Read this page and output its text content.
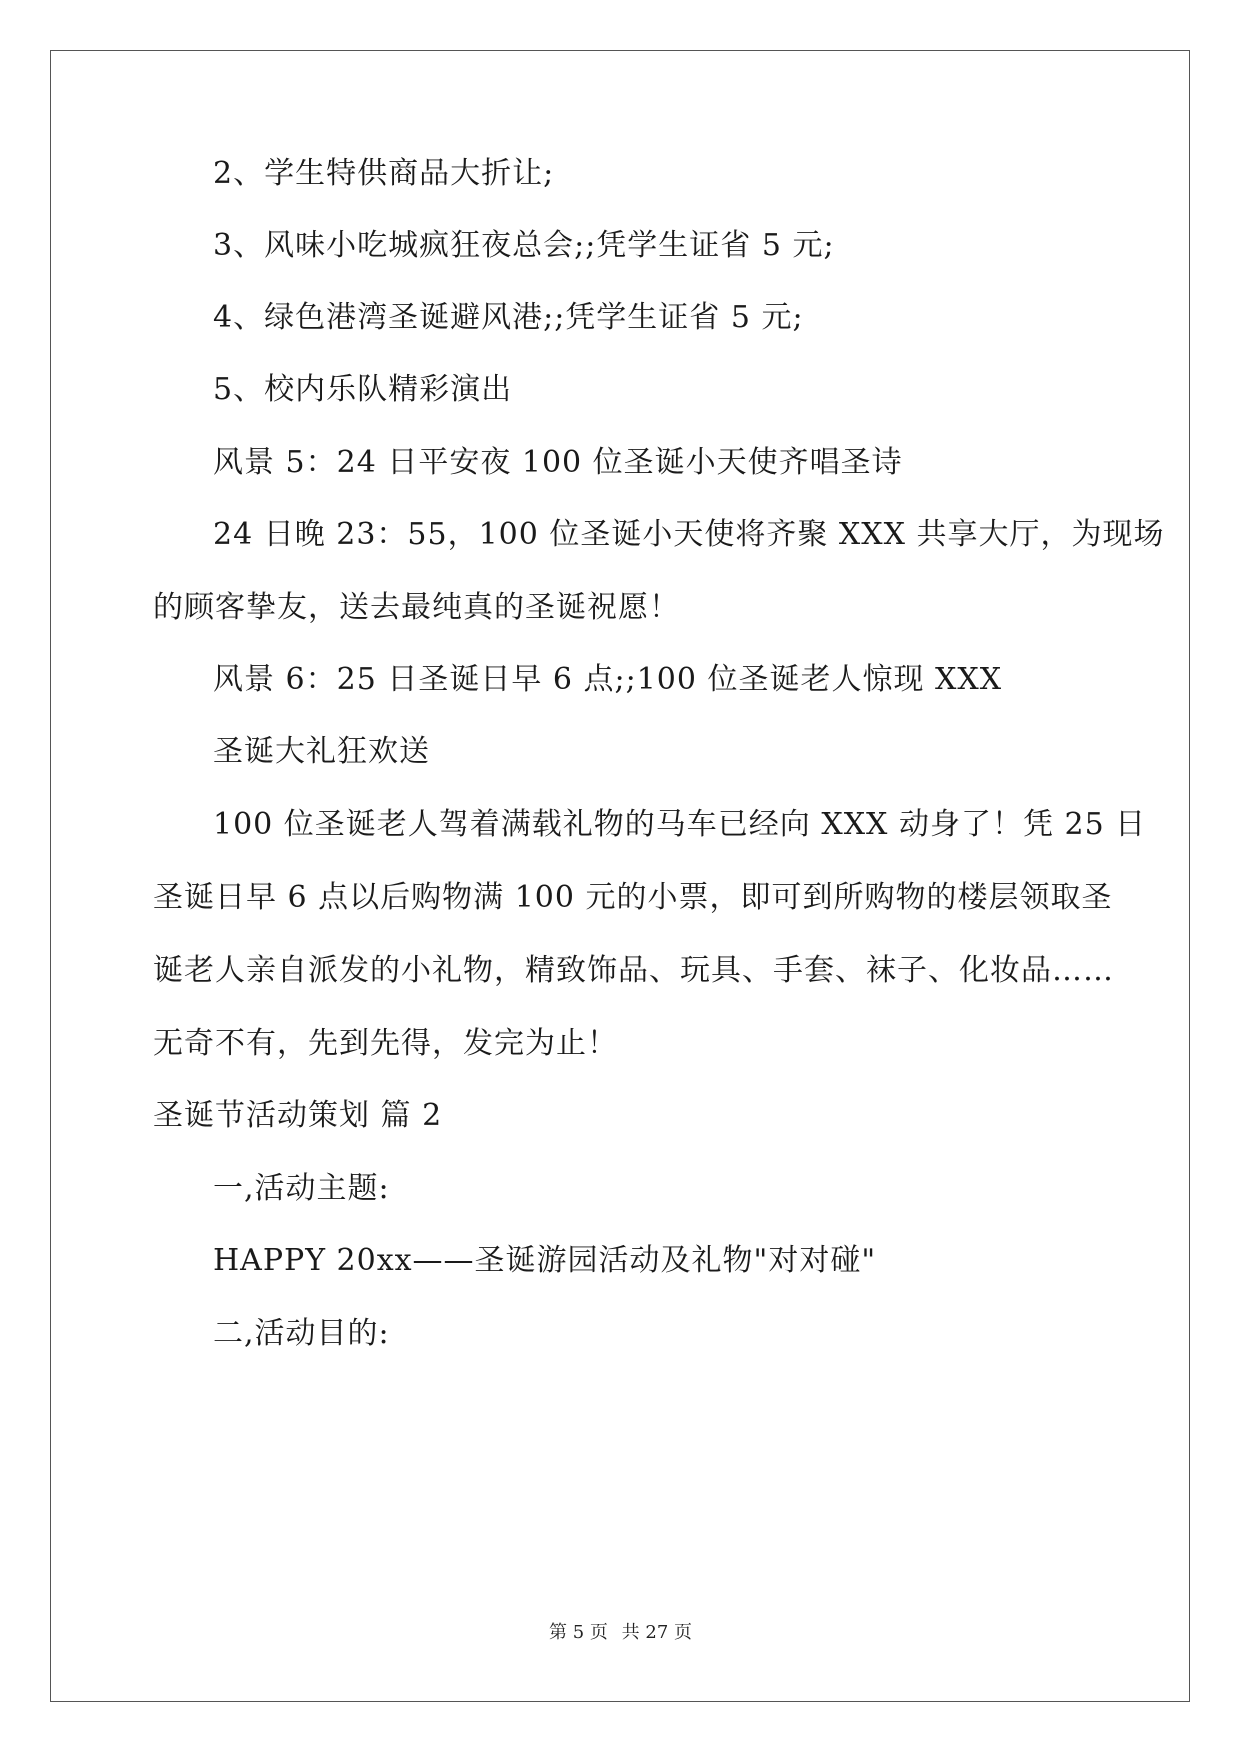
2、学生特供商品大折让;
3、风味小吃城疯狂夜总会;;凭学生证省 5 元;
4、绿色港湾圣诞避风港;;凭学生证省 5 元;
5、校内乐队精彩演出
风景 5：24 日平安夜 100 位圣诞小天使齐唱圣诗
24 日晚 23：55，100 位圣诞小天使将齐聚 XXX 共享大厅，为现场
的顾客挚友，送去最纯真的圣诞祝愿！
风景 6：25 日圣诞日早 6 点;;100 位圣诞老人惊现 XXX
圣诞大礼狂欢送
100 位圣诞老人驾着满载礼物的马车已经向 XXX 动身了！凭 25 日
圣诞日早 6 点以后购物满 100 元的小票，即可到所购物的楼层领取圣
诞老人亲自派发的小礼物，精致饰品、玩具、手套、袜子、化妆品……
无奇不有，先到先得，发完为止！
圣诞节活动策划 篇 2
一,活动主题:
HAPPY 20xx——圣诞游园活动及礼物"对对碰"
二,活动目的:
第 5 页 共 27 页
